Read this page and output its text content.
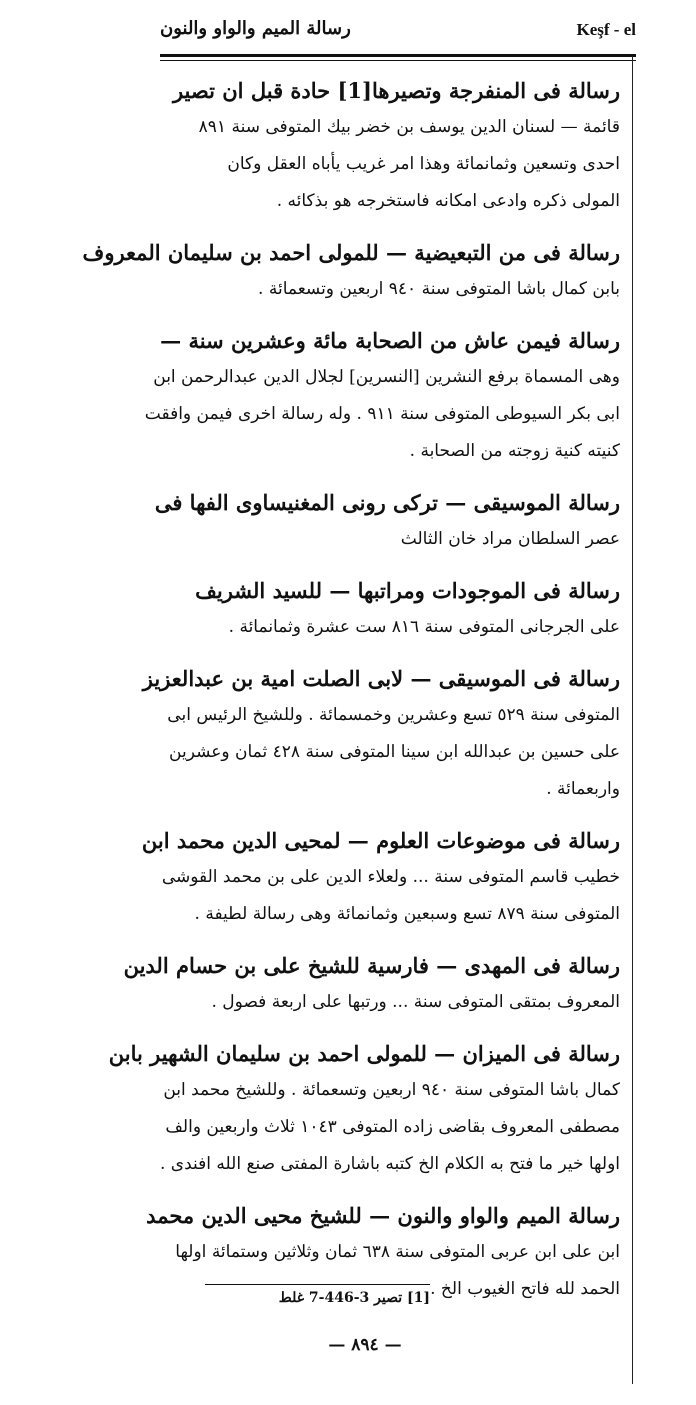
رسالة الميم والواو والنون	Keşf - el

رسالة فى المنفرجة وتصيرها[1] حادة قبل ان تصير
قائمة — لسنان الدين يوسف بن خضر بيك المتوفى سنة ٨٩١
احدى وتسعين وثمانمائة وهذا امر غريب يأباه العقل وكان
المولى ذكره وادعى امكانه فاستخرجه هو بذكائه .

رسالة فى من التبعيضية — للمولى احمد بن سليمان المعروف
بابن كمال باشا المتوفى سنة ٩٤٠ اربعين وتسعمائة .

رسالة فيمن عاش من الصحابة مائة وعشرين سنة —
وهى المسماة برفع النشرين [النسرين] لجلال الدين عبدالرحمن ابن
ابى بكر السيوطى المتوفى سنة ٩١١ . وله رسالة اخرى فيمن وافقت
كنيته كنية زوجته من الصحابة .

رسالة الموسيقى — تركى رونى المغنيساوى الفها فى
عصر السلطان مراد خان الثالث

رسالة فى الموجودات ومراتبها — للسيد الشريف
على الجرجانى المتوفى سنة ٨١٦ ست عشرة وثمانمائة .

رسالة فى الموسيقى — لابى الصلت امية بن عبدالعزيز
المتوفى سنة ٥٢٩ تسع وعشرين وخمسمائة . وللشيخ الرئيس ابى
على حسين بن عبدالله ابن سينا المتوفى سنة ٤٢٨ ثمان وعشرين
واربعمائة .

رسالة فى موضوعات العلوم — لمحيى الدين محمد ابن
خطيب قاسم المتوفى سنة ... ولعلاء الدين على بن محمد القوشى
المتوفى سنة ٨٧٩ تسع وسبعين وثمانمائة وهى رسالة لطيفة .

رسالة فى المهدى — فارسية للشيخ على بن حسام الدين
المعروف بمتقى المتوفى سنة ... ورتبها على اربعة فصول .

رسالة فى الميزان — للمولى احمد بن سليمان الشهير بابن
كمال باشا المتوفى سنة ٩٤٠ اربعين وتسعمائة . وللشيخ محمد ابن
مصطفى المعروف بقاضى زاده المتوفى ١٠٤٣ ثلاث واربعين والف
اولها خير ما فتح به الكلام الخ كتبه باشارة المفتى صنع الله افندى .

رسالة الميم والواو والنون — للشيخ محيى الدين محمد
ابن على ابن عربى المتوفى سنة ٦٣٨ ثمان وثلاثين وستمائة اولها
الحمد لله فاتح الغيوب الخ .

[1] تصير 3-446-7 غلط
— ٨٩٤ —
